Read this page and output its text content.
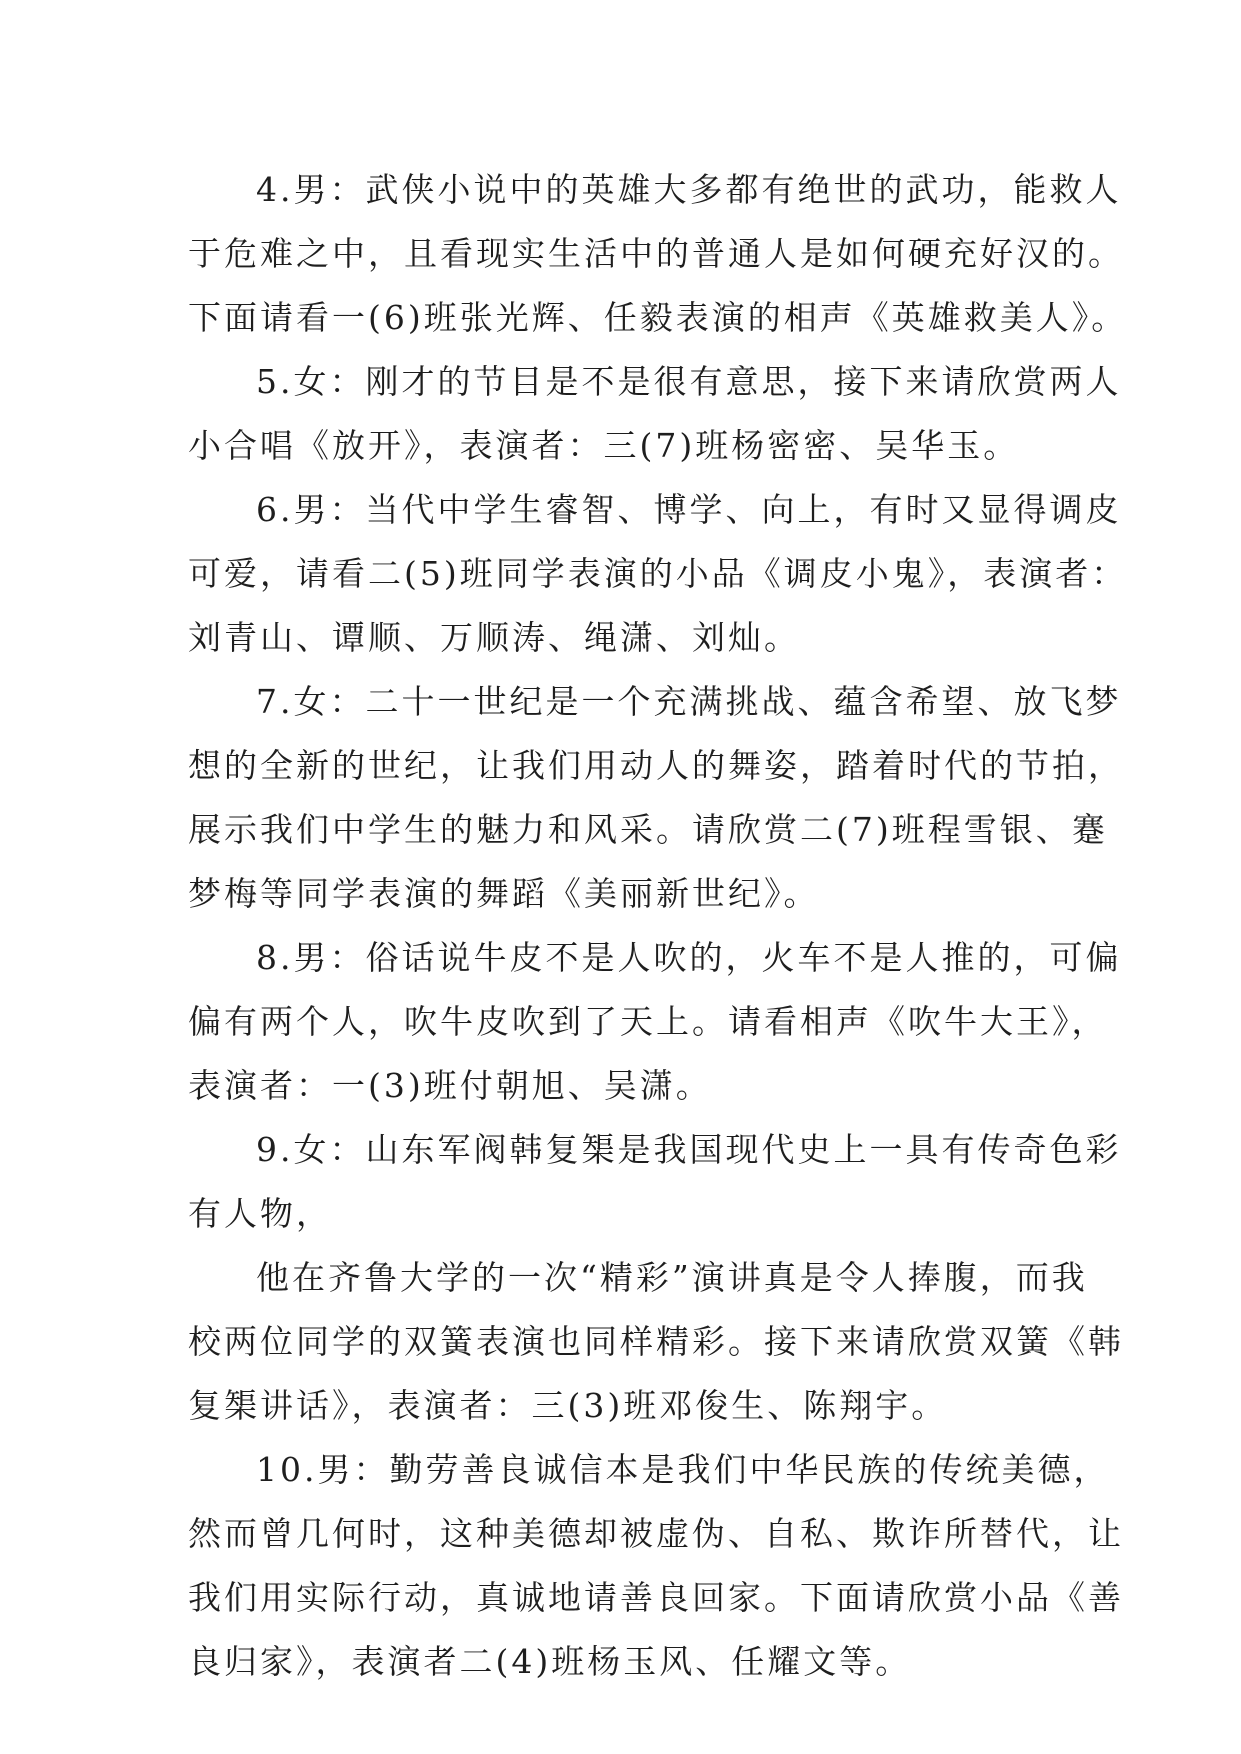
4.男：武侠小说中的英雄大多都有绝世的武功，能救人
于危难之中，且看现实生活中的普通人是如何硬充好汉的。
下面请看一(6)班张光辉、任毅表演的相声《英雄救美人》。
5.女：刚才的节目是不是很有意思，接下来请欣赏两人
小合唱《放开》，表演者：三(7)班杨密密、吴华玉。
6.男：当代中学生睿智、博学、向上，有时又显得调皮
可爱，请看二(5)班同学表演的小品《调皮小鬼》，表演者：
刘青山、谭顺、万顺涛、绳潇、刘灿。
7.女：二十一世纪是一个充满挑战、蕴含希望、放飞梦
想的全新的世纪，让我们用动人的舞姿，踏着时代的节拍，
展示我们中学生的魅力和风采。请欣赏二(7)班程雪银、蹇
梦梅等同学表演的舞蹈《美丽新世纪》。
8.男：俗话说牛皮不是人吹的，火车不是人推的，可偏
偏有两个人，吹牛皮吹到了天上。请看相声《吹牛大王》，
表演者：一(3)班付朝旭、吴潇。
9.女：山东军阀韩复榘是我国现代史上一具有传奇色彩
有人物，
他在齐鲁大学的一次“精彩”演讲真是令人捧腹，而我
校两位同学的双簧表演也同样精彩。接下来请欣赏双簧《韩
复榘讲话》，表演者：三(3)班邓俊生、陈翔宇。
10.男：勤劳善良诚信本是我们中华民族的传统美德，
然而曾几何时，这种美德却被虚伪、自私、欺诈所替代，让
我们用实际行动，真诚地请善良回家。下面请欣赏小品《善
良归家》，表演者二(4)班杨玉风、任耀文等。
